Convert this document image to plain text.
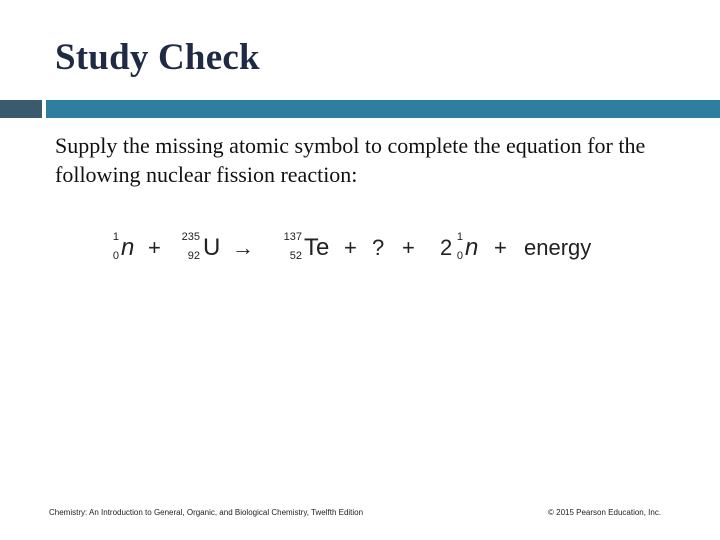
Study Check
Supply the missing atomic symbol to complete the equation for the following nuclear fission reaction:
1
0 n +	235
92 U →	137
52 Te + ? + 2 1
0 n + energy
Chemistry: An Introduction to General, Organic, and Biological Chemistry, Twelfth Edition	© 2015 Pearson Education, Inc.
